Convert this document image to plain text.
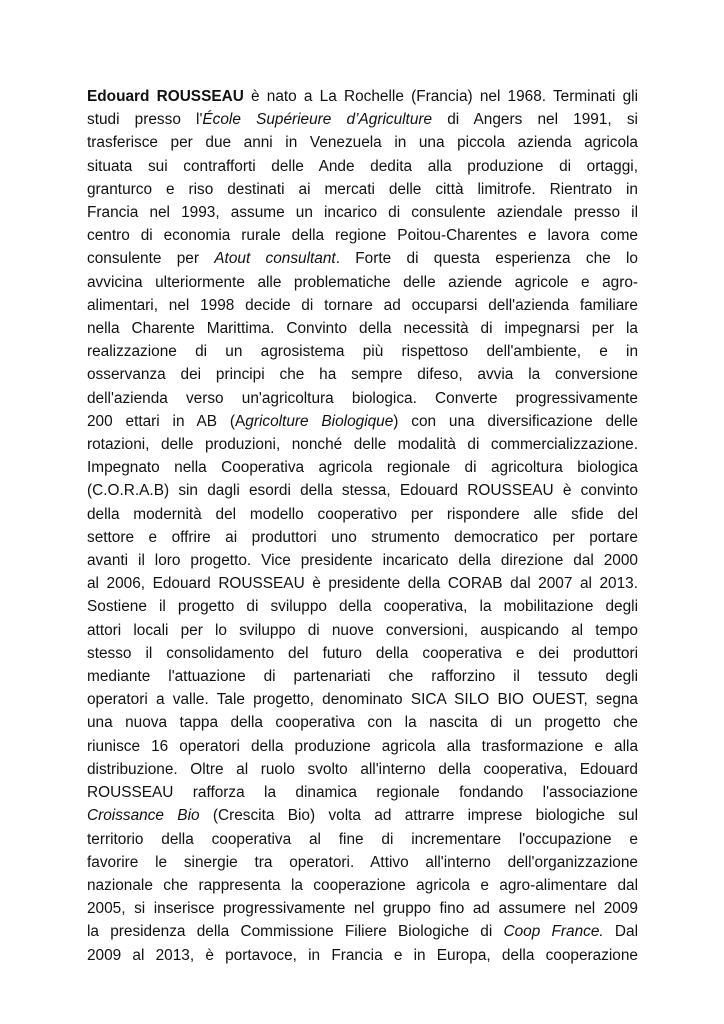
Edouard ROUSSEAU è nato a La Rochelle (Francia) nel 1968. Terminati gli
studi presso l'École Supérieure d’Agriculture di Angers nel 1991, si
trasferisce per due anni in Venezuela in una piccola azienda agricola
situata sui contrafforti delle Ande dedita alla produzione di ortaggi,
granturco e riso destinati ai mercati delle città limitrofe. Rientrato in
Francia nel 1993, assume un incarico di consulente aziendale presso il
centro di economia rurale della regione Poitou-Charentes e lavora come
consulente per Atout consultant. Forte di questa esperienza che lo
avvicina ulteriormente alle problematiche delle aziende agricole e agro-
alimentari, nel 1998 decide di tornare ad occuparsi dell'azienda familiare
nella Charente Marittima. Convinto della necessità di impegnarsi per la
realizzazione di un agrosistema più rispettoso dell'ambiente, e in
osservanza dei principi che ha sempre difeso, avvia la conversione
dell'azienda verso un'agricoltura biologica. Converte progressivamente
200 ettari in AB (Agricolture Biologique) con una diversificazione delle
rotazioni, delle produzioni, nonché delle modalità di commercializzazione.
Impegnato nella Cooperativa agricola regionale di agricoltura biologica
(C.O.R.A.B) sin dagli esordi della stessa, Edouard ROUSSEAU è convinto
della modernità del modello cooperativo per rispondere alle sfide del
settore e offrire ai produttori uno strumento democratico per portare
avanti il loro progetto. Vice presidente incaricato della direzione dal 2000
al 2006, Edouard ROUSSEAU è presidente della CORAB dal 2007 al 2013.
Sostiene il progetto di sviluppo della cooperativa, la mobilitazione degli
attori locali per lo sviluppo di nuove conversioni, auspicando al tempo
stesso il consolidamento del futuro della cooperativa e dei produttori
mediante l'attuazione di partenariati che rafforzino il tessuto degli
operatori a valle. Tale progetto, denominato SICA SILO BIO OUEST, segna
una nuova tappa della cooperativa con la nascita di un progetto che
riunisce 16 operatori della produzione agricola alla trasformazione e alla
distribuzione. Oltre al ruolo svolto all'interno della cooperativa, Edouard
ROUSSEAU rafforza la dinamica regionale fondando l'associazione
Croissance Bio (Crescita Bio) volta ad attrarre imprese biologiche sul
territorio della cooperativa al fine di incrementare l'occupazione e
favorire le sinergie tra operatori. Attivo all'interno dell'organizzazione
nazionale che rappresenta la cooperazione agricola e agro-alimentare dal
2005, si inserisce progressivamente nel gruppo fino ad assumere nel 2009
la presidenza della Commissione Filiere Biologiche di Coop France. Dal
2009 al 2013, è portavoce, in Francia e in Europa, della cooperazione
